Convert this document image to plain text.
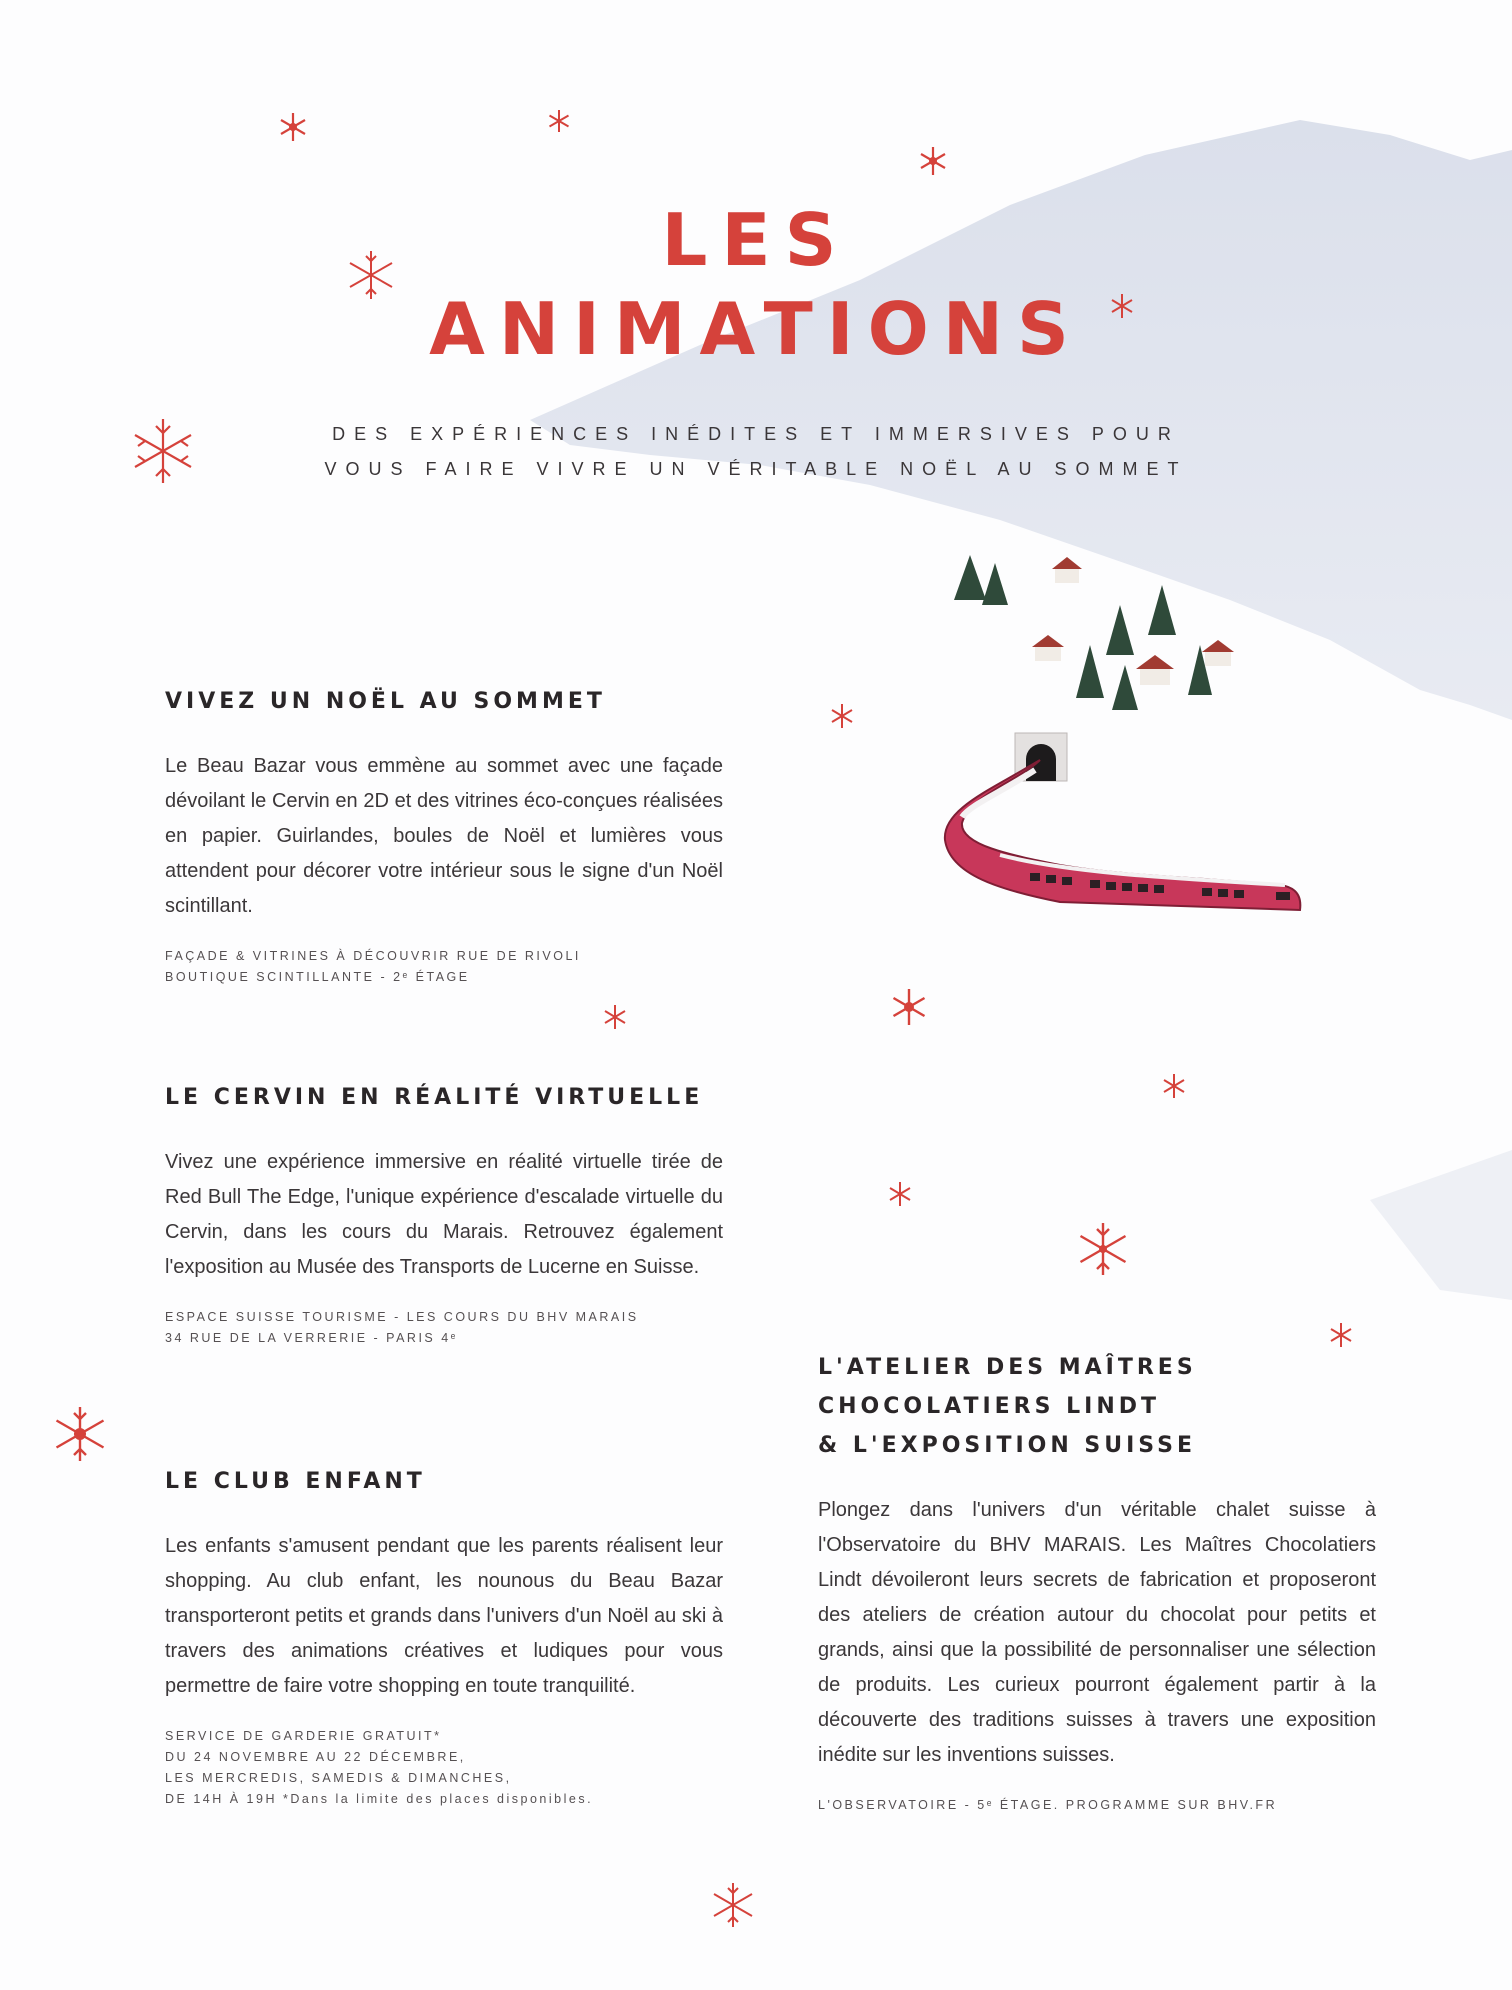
LES
ANIMATIONS

DES EXPÉRIENCES INÉDITES ET IMMERSIVES POUR

VOUS FAIRE VIVRE UN VÉRITABLE NOËL AU SOMMET

VIVEZ UN NOËL AU SOMMET

Le Beau Bazar vous emmène au sommet avec une façade dévoilant le Cervin en 2D et des vitrines éco-conçues réalisées en papier. Guirlandes, boules de Noël et lumières vous attendent pour décorer votre intérieur sous le signe d'un Noël scintillant.

FAÇADE & VITRINES À DÉCOUVRIR RUE DE RIVOLI
BOUTIQUE SCINTILLANTE - 2ᵉ ÉTAGE

LE CERVIN EN RÉALITÉ VIRTUELLE

Vivez une expérience immersive en réalité virtuelle tirée de Red Bull The Edge, l'unique expérience d'escalade virtuelle du Cervin, dans les cours du Marais. Retrouvez également l'exposition au Musée des Transports de Lucerne en Suisse.

ESPACE SUISSE TOURISME - LES COURS DU BHV MARAIS
34 RUE DE LA VERRERIE - PARIS 4ᵉ

LE CLUB ENFANT

Les enfants s'amusent pendant que les parents réalisent leur shopping. Au club enfant, les nounous du Beau Bazar transporteront petits et grands dans l'univers d'un Noël au ski à travers des animations créatives et ludiques pour vous permettre de faire votre shopping en toute tranquilité.

SERVICE DE GARDERIE GRATUIT*
DU 24 NOVEMBRE AU 22 DÉCEMBRE,
LES MERCREDIS, SAMEDIS & DIMANCHES,
DE 14H À 19H *Dans la limite des places disponibles.

L'ATELIER DES MAÎTRES
CHOCOLATIERS LINDT
& L'EXPOSITION SUISSE

Plongez dans l'univers d'un véritable chalet suisse à l'Observatoire du BHV MARAIS. Les Maîtres Chocolatiers Lindt dévoileront leurs secrets de fabrication et proposeront des ateliers de création autour du chocolat pour petits et grands, ainsi que la possibilité de personnaliser une sélection de produits. Les curieux pourront également partir à la découverte des traditions suisses à travers une exposition inédite sur les inventions suisses.

L'OBSERVATOIRE - 5ᵉ ÉTAGE. PROGRAMME SUR BHV.FR
